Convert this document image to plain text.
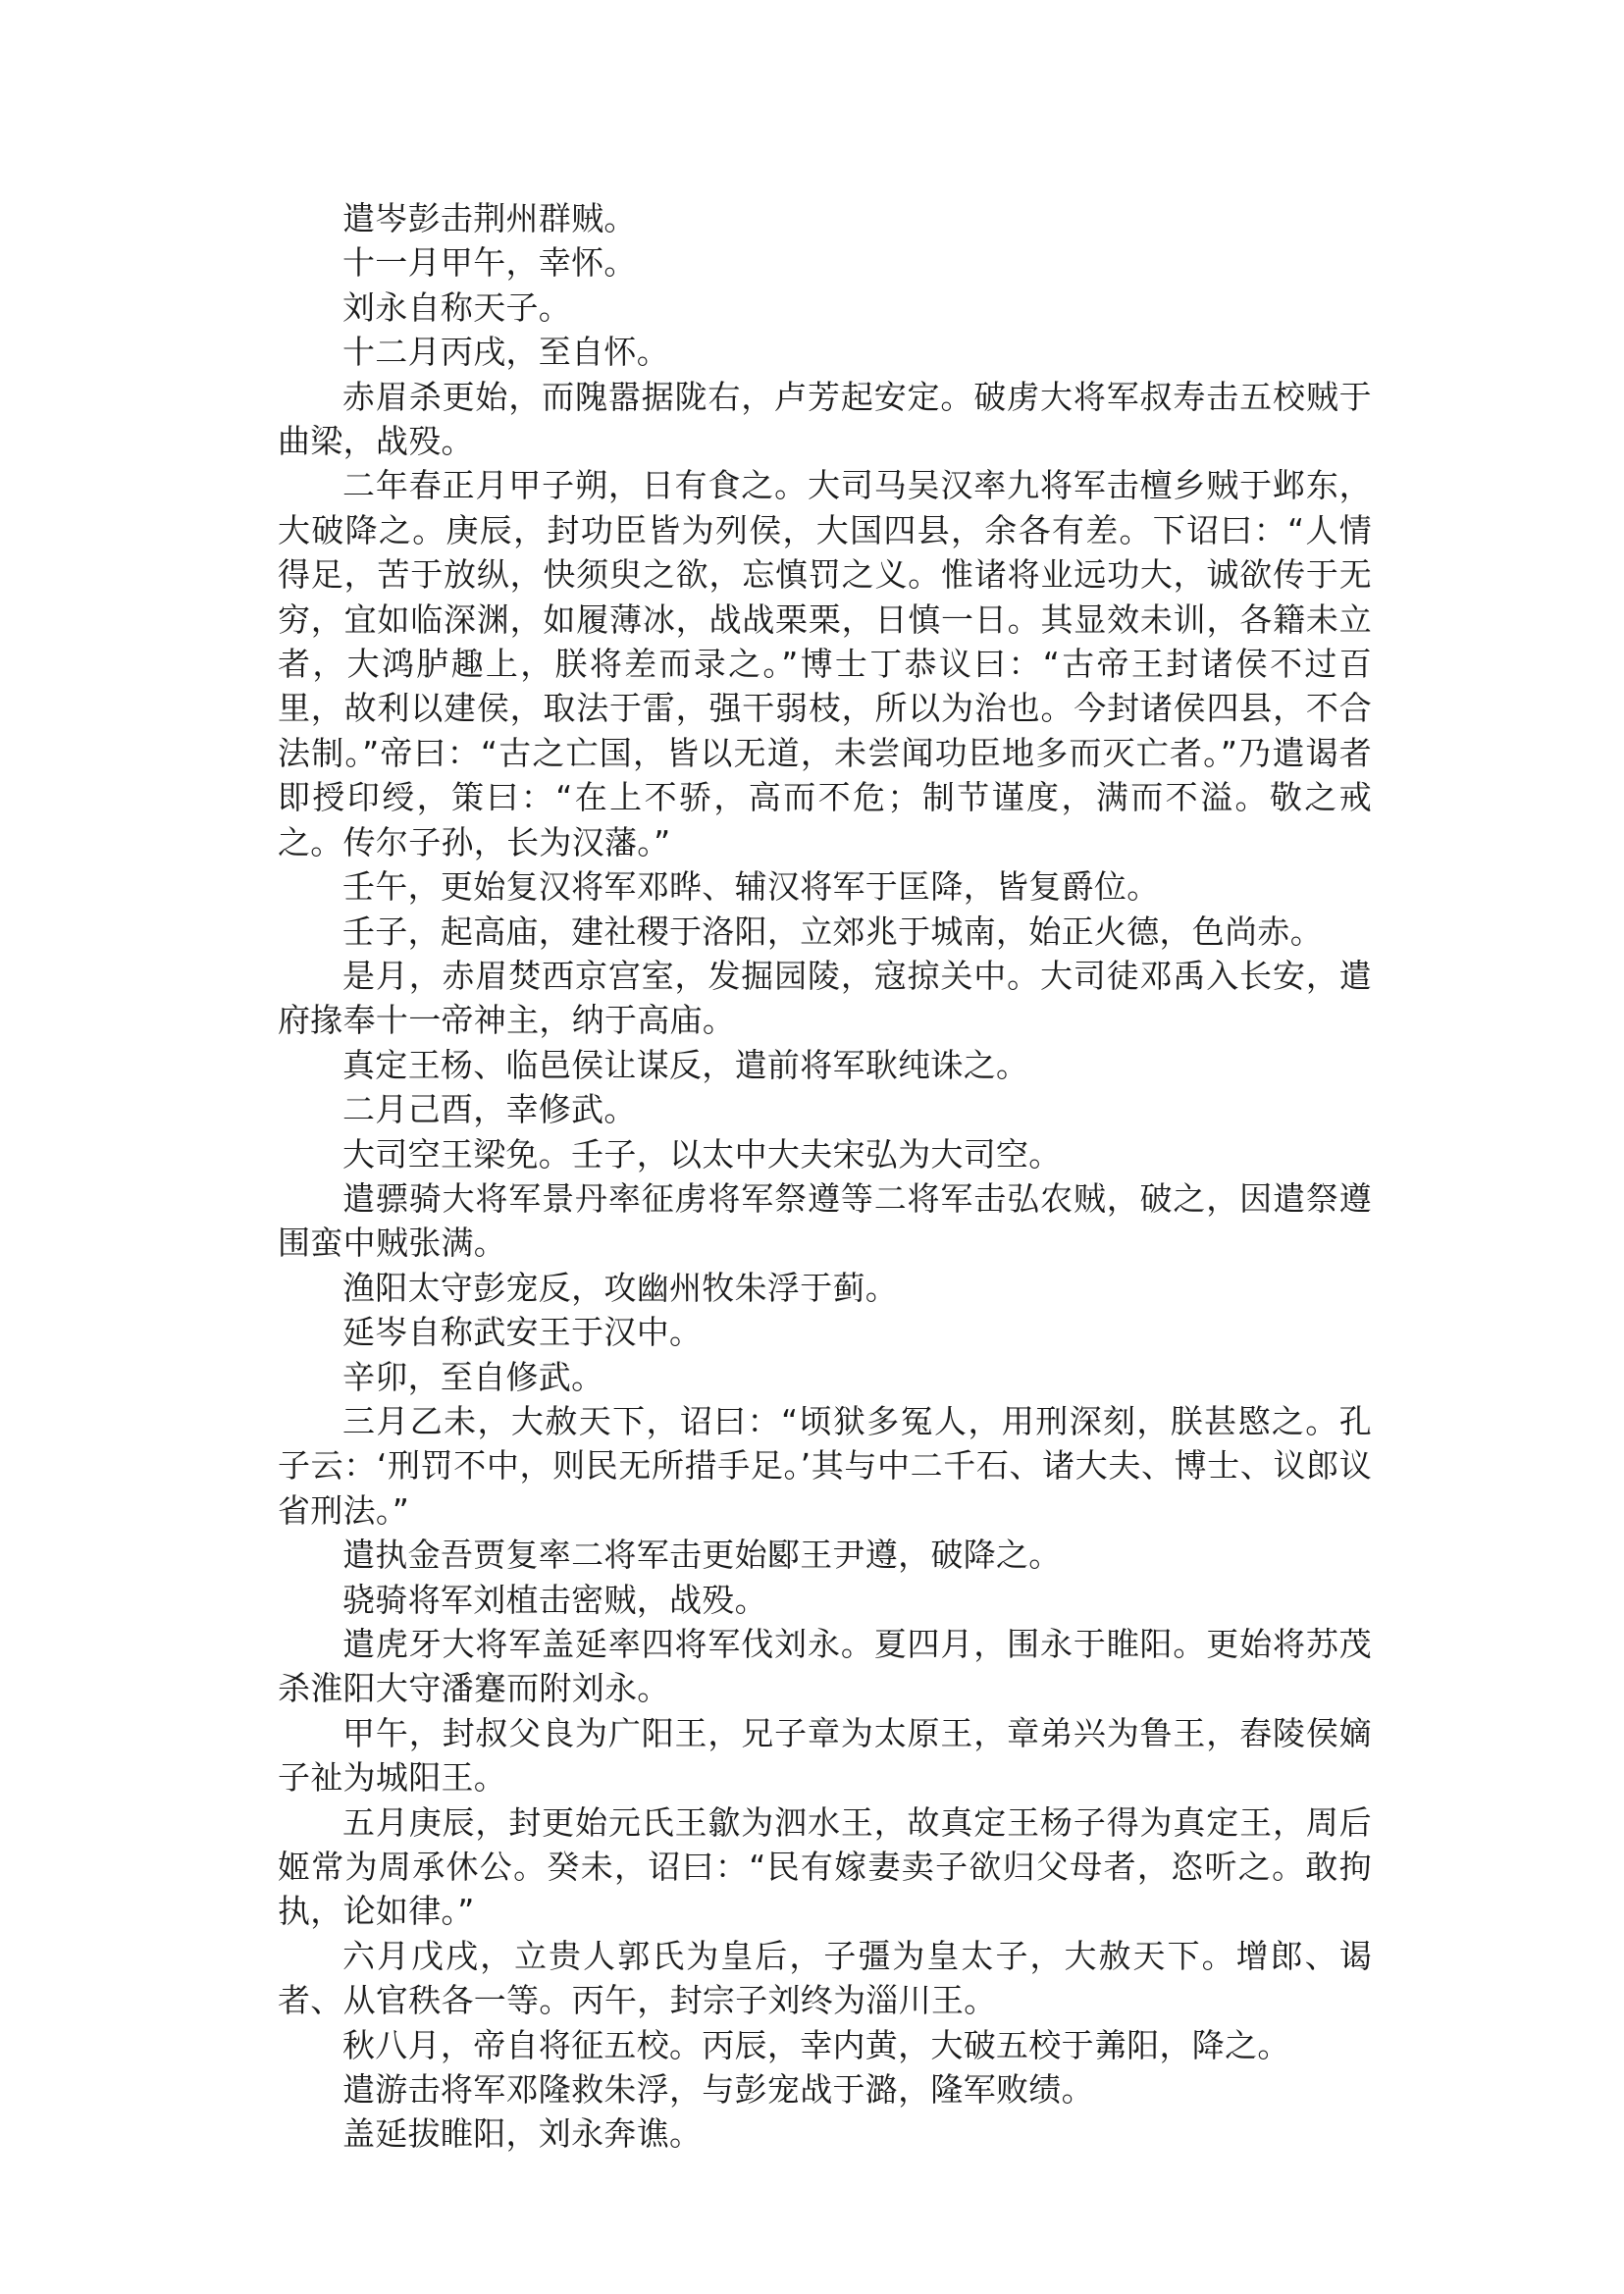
遣岑彭击荆州群贼。

十一月甲午，幸怀。

刘永自称天子。

十二月丙戌，至自怀。

赤眉杀更始，而隗嚣据陇右，卢芳起安定。破虏大将军叔寿击五校贼于曲梁，战殁。

二年春正月甲子朔，日有食之。大司马吴汉率九将军击檀乡贼于邺东，大破降之。庚辰，封功臣皆为列侯，大国四县，余各有差。下诏曰：“人情得足，苦于放纵，快须臾之欲，忘慎罚之义。惟诸将业远功大，诚欲传于无穷，宜如临深渊，如履薄冰，战战栗栗，日慎一日。其显效未训，各籍未立者，大鸿胪趣上，朕将差而录之。”博士丁恭议曰：“古帝王封诸侯不过百里，故利以建侯，取法于雷，强干弱枝，所以为治也。今封诸侯四县，不合法制。”帝曰：“古之亡国，皆以无道，未尝闻功臣地多而灭亡者。”乃遣谒者即授印绶，策曰：“在上不骄，高而不危；制节谨度，满而不溢。敬之戒之。传尔子孙，长为汉藩。”

壬午，更始复汉将军邓晔、辅汉将军于匡降，皆复爵位。

壬子，起高庙，建社稷于洛阳，立郊兆于城南，始正火德，色尚赤。

是月，赤眉焚西京宫室，发掘园陵，寇掠关中。大司徒邓禹入长安，遣府掾奉十一帝神主，纳于高庙。

真定王杨、临邑侯让谋反，遣前将军耿纯诛之。

二月己酉，幸修武。

大司空王梁免。壬子，以太中大夫宋弘为大司空。

遣骠骑大将军景丹率征虏将军祭遵等二将军击弘农贼，破之，因遣祭遵围蛮中贼张满。

渔阳太守彭宠反，攻幽州牧朱浮于蓟。

延岑自称武安王于汉中。

辛卯，至自修武。

三月乙未，大赦天下，诏曰：“顷狱多冤人，用刑深刻，朕甚愍之。孔子云：‘刑罚不中，则民无所措手足。’其与中二千石、诸大夫、博士、议郎议省刑法。”

遣执金吾贾复率二将军击更始郾王尹遵，破降之。

骁骑将军刘植击密贼，战殁。

遣虎牙大将军盖延率四将军伐刘永。夏四月，围永于睢阳。更始将苏茂杀淮阳大守潘蹇而附刘永。

甲午，封叔父良为广阳王，兄子章为太原王，章弟兴为鲁王，舂陵侯嫡子祉为城阳王。

五月庚辰，封更始元氏王歙为泗水王，故真定王杨子得为真定王，周后姬常为周承休公。癸未，诏曰：“民有嫁妻卖子欲归父母者，恣听之。敢拘执，论如律。”

六月戊戌，立贵人郭氏为皇后，子彊为皇太子，大赦天下。增郎、谒者、从官秩各一等。丙午，封宗子刘终为淄川王。

秋八月，帝自将征五校。丙辰，幸内黄，大破五校于羛阳，降之。

遣游击将军邓隆救朱浮，与彭宠战于潞，隆军败绩。

盖延拔睢阳，刘永奔谯。
